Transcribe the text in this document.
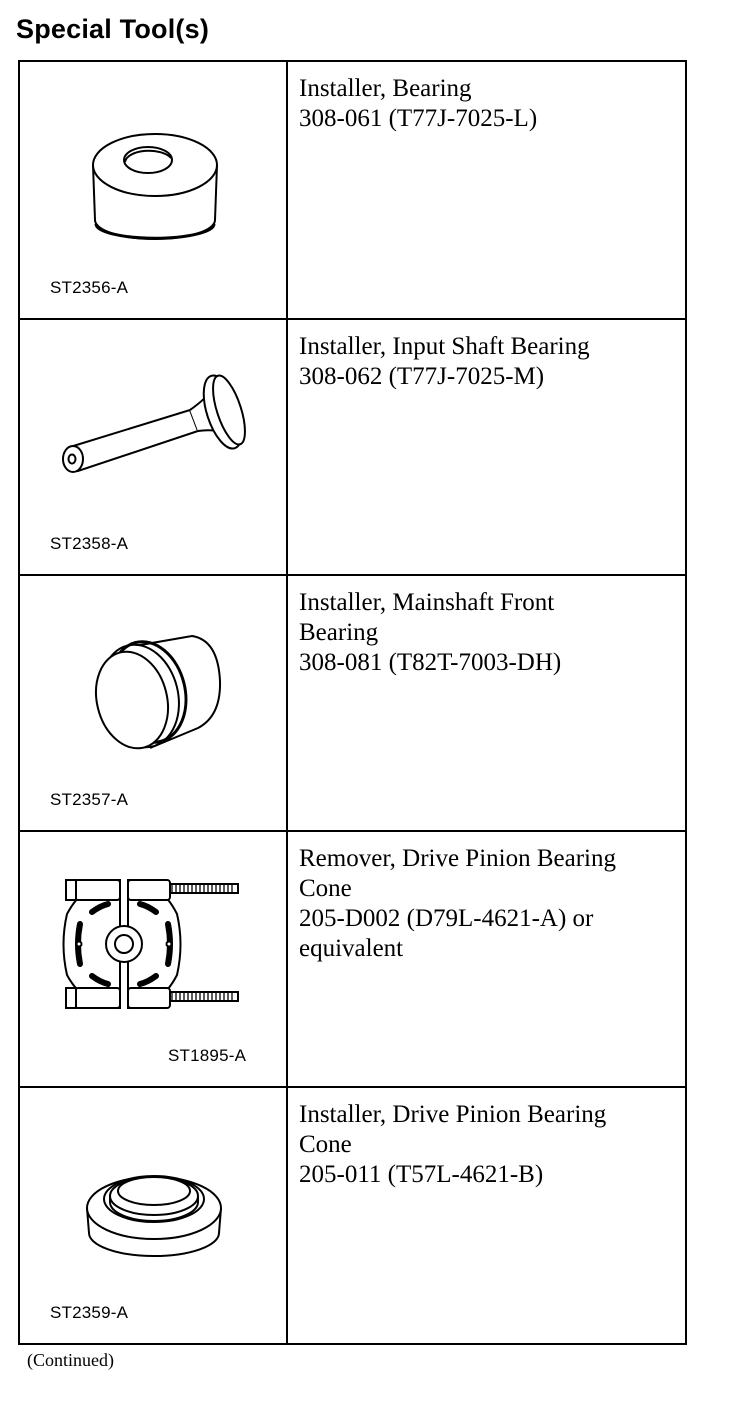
Special Tool(s)
ST2356-A
Installer, Bearing
308-061 (T77J-7025-L)
ST2358-A
Installer, Input Shaft Bearing
308-062 (T77J-7025-M)
ST2357-A
Installer, Mainshaft Front
Bearing
308-081 (T82T-7003-DH)
ST1895-A
Remover, Drive Pinion Bearing
Cone
205-D002 (D79L-4621-A) or
equivalent
ST2359-A
Installer, Drive Pinion Bearing
Cone
205-011 (T57L-4621-B)
(Continued)
